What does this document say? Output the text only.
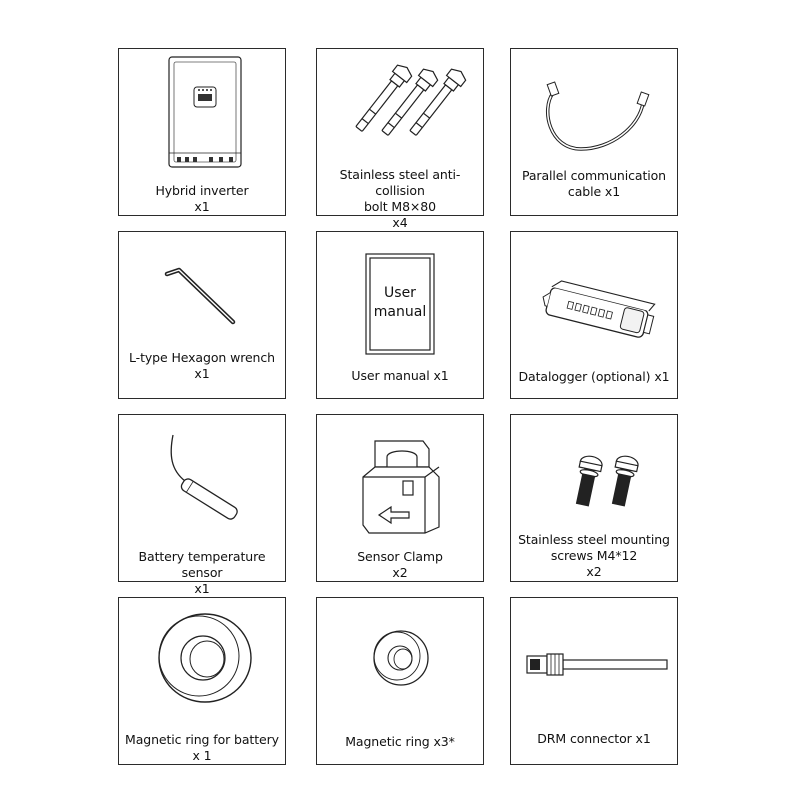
Hybrid inverter
x1
Stainless steel anti-collision
bolt M8×80
x4
Parallel communication
cable x1
L-type Hexagon wrench
x1
User
manual
User manual x1	Datalogger (optional) x1
Battery temperature sensor
x1
Sensor Clamp
x2
Stainless steel mounting
screws M4*12
x2
Magnetic ring for battery
x 1
Magnetic ring x3*	DRM connector x1
